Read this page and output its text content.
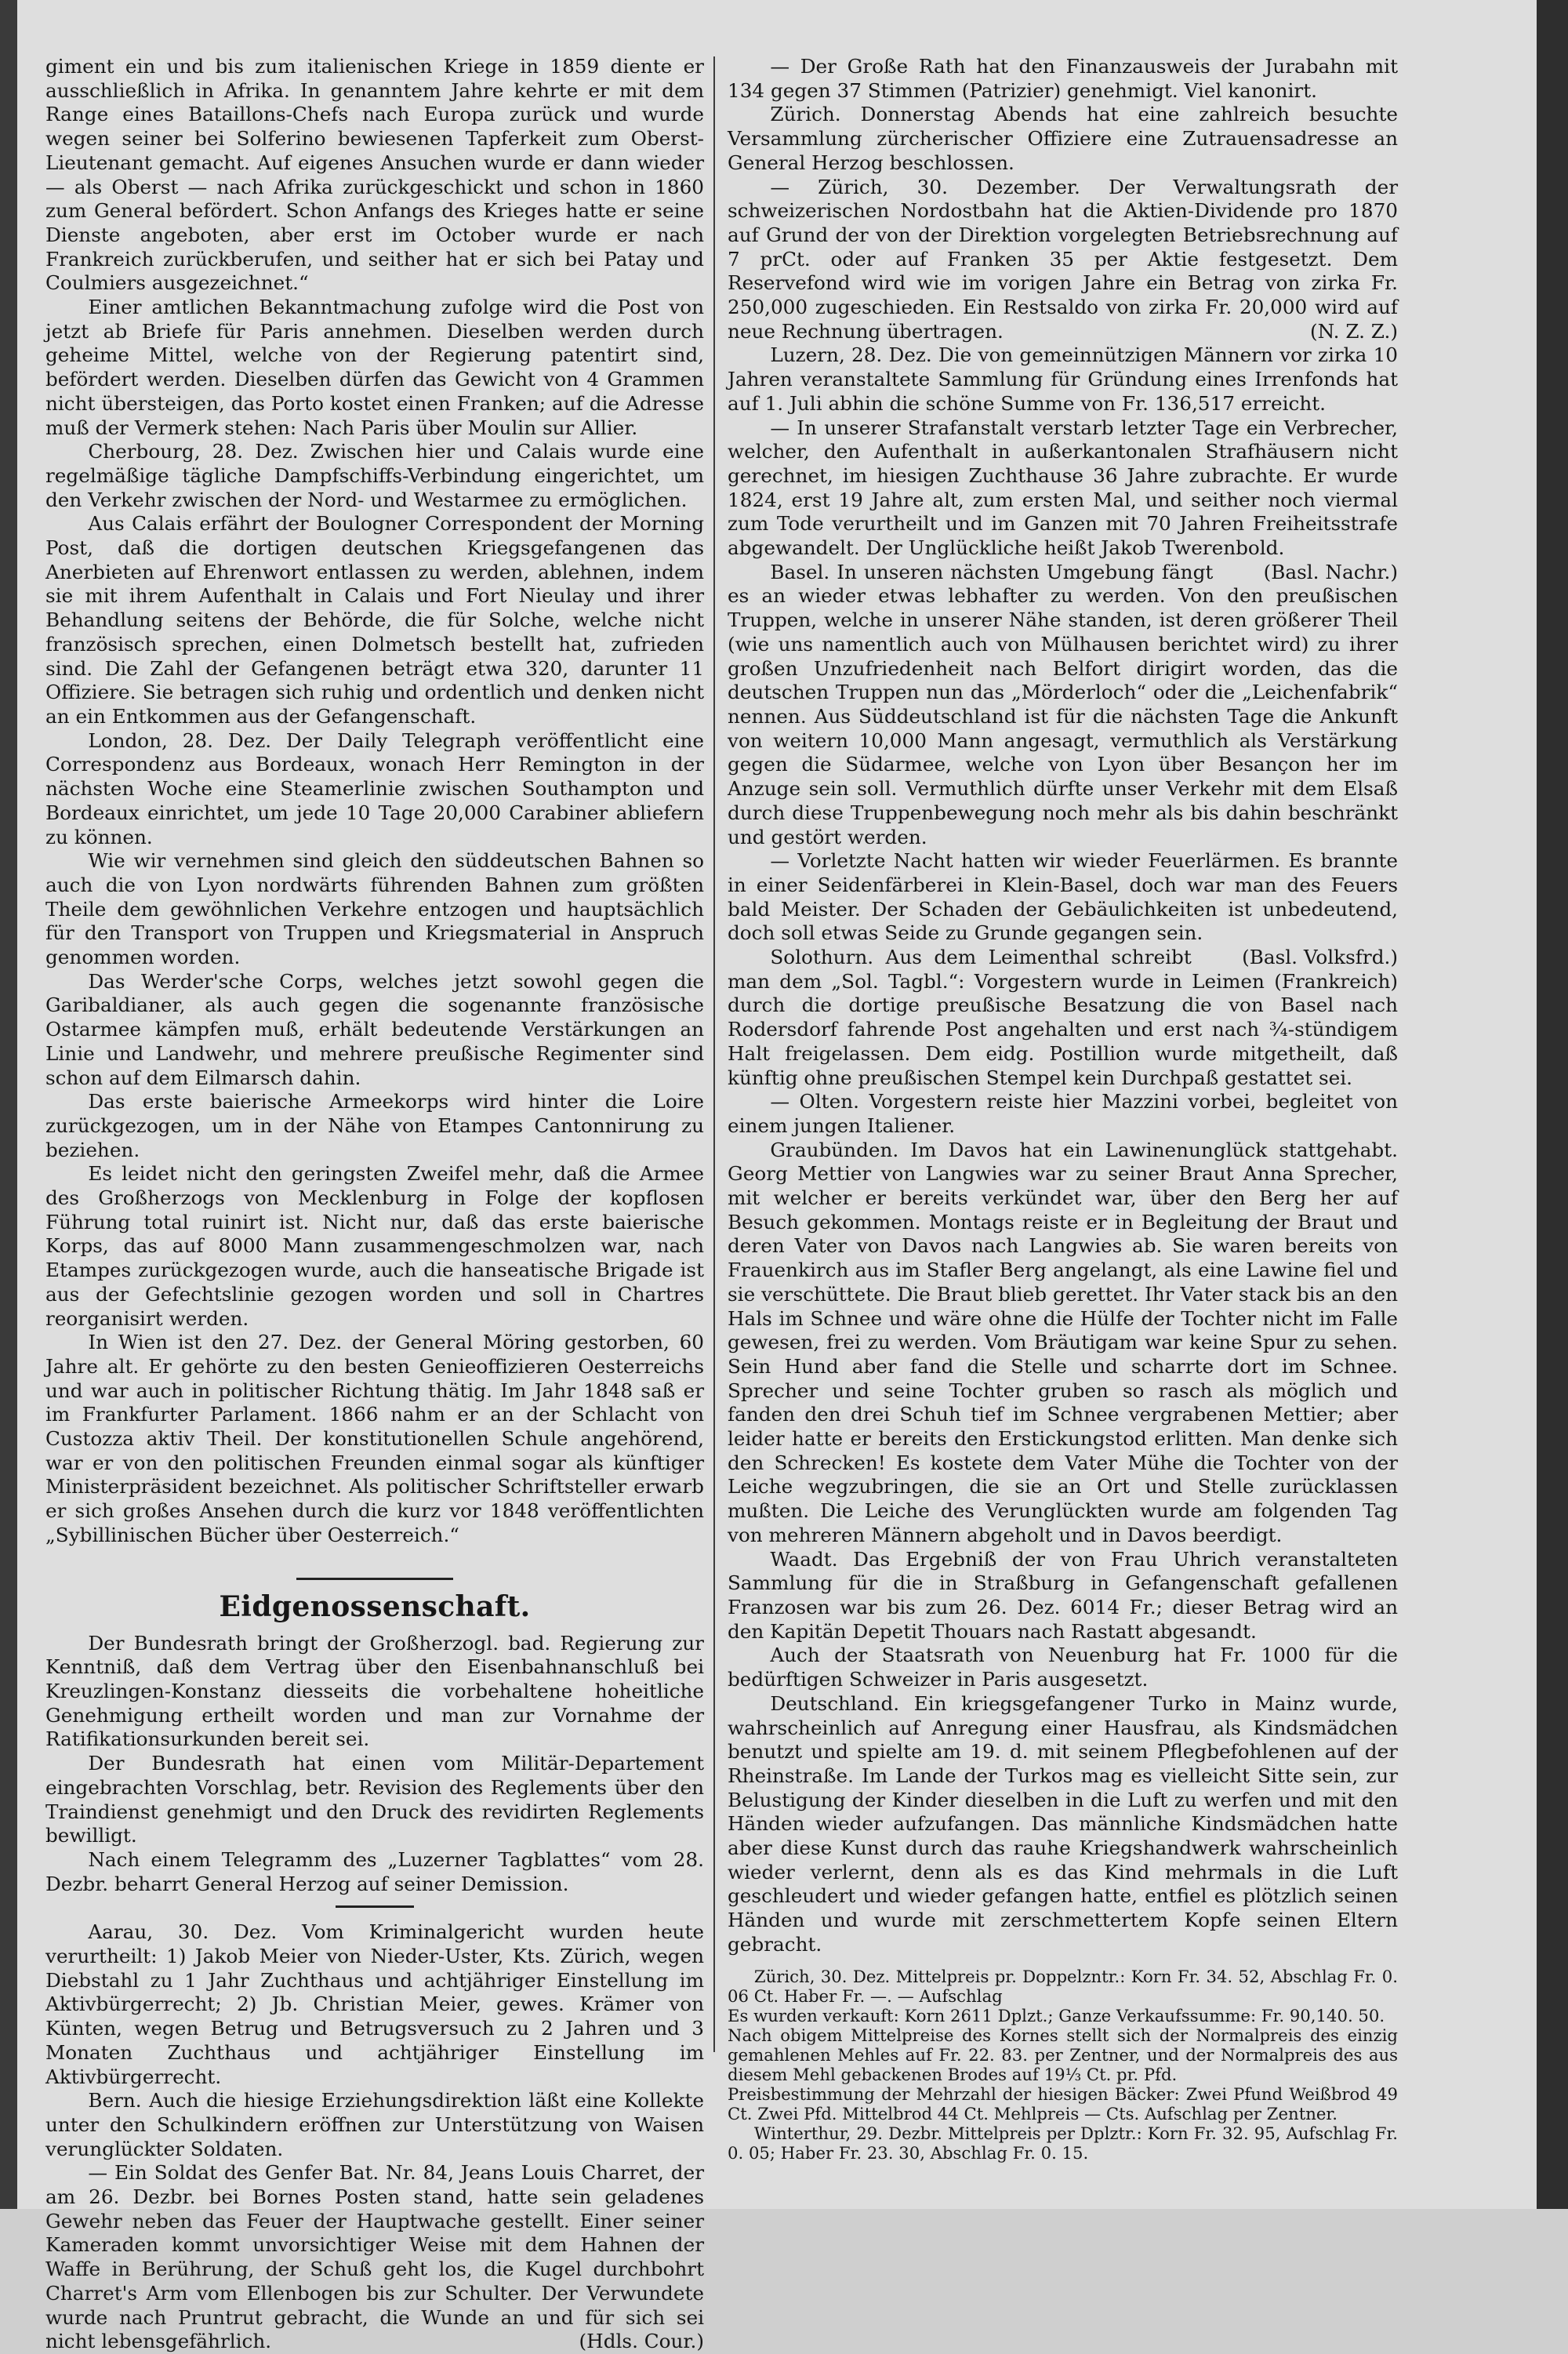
giment ein und bis zum italienischen Kriege in 1859 diente er ausschließlich in Afrika. In genanntem Jahre kehrte er mit dem Range eines Bataillons-Chefs nach Europa zurück und wurde wegen seiner bei Solferino bewiesenen Tapferkeit zum Oberst-Lieutenant gemacht. Auf eigenes Ansuchen wurde er dann wieder — als Oberst — nach Afrika zurückgeschickt und schon in 1860 zum General befördert. Schon Anfangs des Krieges hatte er seine Dienste angeboten, aber erst im October wurde er nach Frankreich zurückberufen, und seither hat er sich bei Patay und Coulmiers ausgezeichnet.“

Einer amtlichen Bekanntmachung zufolge wird die Post von jetzt ab Briefe für Paris annehmen. Dieselben werden durch geheime Mittel, welche von der Regierung patentirt sind, befördert werden. Dieselben dürfen das Gewicht von 4 Grammen nicht übersteigen, das Porto kostet einen Franken; auf die Adresse muß der Vermerk stehen: Nach Paris über Moulin sur Allier.

Cherbourg, 28. Dez. Zwischen hier und Calais wurde eine regelmäßige tägliche Dampfschiffs-Verbindung eingerichtet, um den Verkehr zwischen der Nord- und Westarmee zu ermöglichen.

Aus Calais erfährt der Boulogner Correspondent der Morning Post, daß die dortigen deutschen Kriegsgefangenen das Anerbieten auf Ehrenwort entlassen zu werden, ablehnen, indem sie mit ihrem Aufenthalt in Calais und Fort Nieulay und ihrer Behandlung seitens der Behörde, die für Solche, welche nicht französisch sprechen, einen Dolmetsch bestellt hat, zufrieden sind. Die Zahl der Gefangenen beträgt etwa 320, darunter 11 Offiziere. Sie betragen sich ruhig und ordentlich und denken nicht an ein Entkommen aus der Gefangenschaft.

London, 28. Dez. Der Daily Telegraph veröffentlicht eine Correspondenz aus Bordeaux, wonach Herr Remington in der nächsten Woche eine Steamerlinie zwischen Southampton und Bordeaux einrichtet, um jede 10 Tage 20,000 Carabiner abliefern zu können.

Wie wir vernehmen sind gleich den süddeutschen Bahnen so auch die von Lyon nordwärts führenden Bahnen zum größten Theile dem gewöhnlichen Verkehre entzogen und hauptsächlich für den Transport von Truppen und Kriegsmaterial in Anspruch genommen worden.

Das Werder'sche Corps, welches jetzt sowohl gegen die Garibaldianer, als auch gegen die sogenannte französische Ostarmee kämpfen muß, erhält bedeutende Verstärkungen an Linie und Landwehr, und mehrere preußische Regimenter sind schon auf dem Eilmarsch dahin.

Das erste baierische Armeekorps wird hinter die Loire zurückgezogen, um in der Nähe von Etampes Cantonnirung zu beziehen.

Es leidet nicht den geringsten Zweifel mehr, daß die Armee des Großherzogs von Mecklenburg in Folge der kopflosen Führung total ruinirt ist. Nicht nur, daß das erste baierische Korps, das auf 8000 Mann zusammengeschmolzen war, nach Etampes zurückgezogen wurde, auch die hanseatische Brigade ist aus der Gefechtslinie gezogen worden und soll in Chartres reorganisirt werden.

In Wien ist den 27. Dez. der General Möring gestorben, 60 Jahre alt. Er gehörte zu den besten Genieoffizieren Oesterreichs und war auch in politischer Richtung thätig. Im Jahr 1848 saß er im Frankfurter Parlament. 1866 nahm er an der Schlacht von Custozza aktiv Theil. Der konstitutionellen Schule angehörend, war er von den politischen Freunden einmal sogar als künftiger Ministerpräsident bezeichnet. Als politischer Schriftsteller erwarb er sich großes Ansehen durch die kurz vor 1848 veröffentlichten „Sybillinischen Bücher über Oesterreich.“

Eidgenossenschaft.

Der Bundesrath bringt der Großherzogl. bad. Regierung zur Kenntniß, daß dem Vertrag über den Eisenbahnanschluß bei Kreuzlingen-Konstanz diesseits die vorbehaltene hoheitliche Genehmigung ertheilt worden und man zur Vornahme der Ratifikationsurkunden bereit sei.

Der Bundesrath hat einen vom Militär-Departement eingebrachten Vorschlag, betr. Revision des Reglements über den Traindienst genehmigt und den Druck des revidirten Reglements bewilligt.

Nach einem Telegramm des „Luzerner Tagblattes“ vom 28. Dezbr. beharrt General Herzog auf seiner Demission.

Aarau, 30. Dez. Vom Kriminalgericht wurden heute verurtheilt: 1) Jakob Meier von Nieder-Uster, Kts. Zürich, wegen Diebstahl zu 1 Jahr Zuchthaus und achtjähriger Einstellung im Aktivbürgerrecht; 2) Jb. Christian Meier, gewes. Krämer von Künten, wegen Betrug und Betrugsversuch zu 2 Jahren und 3 Monaten Zuchthaus und achtjähriger Einstellung im Aktivbürgerrecht.

Bern. Auch die hiesige Erziehungsdirektion läßt eine Kollekte unter den Schulkindern eröffnen zur Unterstützung von Waisen verunglückter Soldaten.

— Ein Soldat des Genfer Bat. Nr. 84, Jeans Louis Charret, der am 26. Dezbr. bei Bornes Posten stand, hatte sein geladenes Gewehr neben das Feuer der Hauptwache gestellt. Einer seiner Kameraden kommt unvorsichtiger Weise mit dem Hahnen der Waffe in Berührung, der Schuß geht los, die Kugel durchbohrt Charret's Arm vom Ellenbogen bis zur Schulter. Der Verwundete wurde nach Pruntrut gebracht, die Wunde an und für sich sei nicht lebensgefährlich.	(Hdls. Cour.)

— Der Große Rath hat den Finanzausweis der Jurabahn mit 134 gegen 37 Stimmen (Patrizier) genehmigt. Viel kanonirt.

Zürich. Donnerstag Abends hat eine zahlreich besuchte Versammlung zürcherischer Offiziere eine Zutrauensadresse an General Herzog beschlossen.

— Zürich, 30. Dezember. Der Verwaltungsrath der schweizerischen Nordostbahn hat die Aktien-Dividende pro 1870 auf Grund der von der Direktion vorgelegten Betriebsrechnung auf 7 prCt. oder auf Franken 35 per Aktie festgesetzt. Dem Reservefond wird wie im vorigen Jahre ein Betrag von zirka Fr. 250,000 zugeschieden. Ein Restsaldo von zirka Fr. 20,000 wird auf neue Rechnung übertragen.	(N. Z. Z.)

Luzern, 28. Dez. Die von gemeinnützigen Männern vor zirka 10 Jahren veranstaltete Sammlung für Gründung eines Irrenfonds hat auf 1. Juli abhin die schöne Summe von Fr. 136,517 erreicht.

— In unserer Strafanstalt verstarb letzter Tage ein Verbrecher, welcher, den Aufenthalt in außerkantonalen Strafhäusern nicht gerechnet, im hiesigen Zuchthause 36 Jahre zubrachte. Er wurde 1824, erst 19 Jahre alt, zum ersten Mal, und seither noch viermal zum Tode verurtheilt und im Ganzen mit 70 Jahren Freiheitsstrafe abgewandelt. Der Unglückliche heißt Jakob Twerenbold.
(Basl. Nachr.)

Basel. In unseren nächsten Umgebung fängt es an wieder etwas lebhafter zu werden. Von den preußischen Truppen, welche in unserer Nähe standen, ist deren größerer Theil (wie uns namentlich auch von Mülhausen berichtet wird) zu ihrer großen Unzufriedenheit nach Belfort dirigirt worden, das die deutschen Truppen nun das „Mörderloch“ oder die „Leichenfabrik“ nennen. Aus Süddeutschland ist für die nächsten Tage die Ankunft von weitern 10,000 Mann angesagt, vermuthlich als Verstärkung gegen die Südarmee, welche von Lyon über Besançon her im Anzuge sein soll. Vermuthlich dürfte unser Verkehr mit dem Elsaß durch diese Truppenbewegung noch mehr als bis dahin beschränkt und gestört werden.

— Vorletzte Nacht hatten wir wieder Feuerlärmen. Es brannte in einer Seidenfärberei in Klein-Basel, doch war man des Feuers bald Meister. Der Schaden der Gebäulichkeiten ist unbedeutend, doch soll etwas Seide zu Grunde gegangen sein.
(Basl. Volksfrd.)

Solothurn. Aus dem Leimenthal schreibt man dem „Sol. Tagbl.“: Vorgestern wurde in Leimen (Frankreich) durch die dortige preußische Besatzung die von Basel nach Rodersdorf fahrende Post angehalten und erst nach ¾-stündigem Halt freigelassen. Dem eidg. Postillion wurde mitgetheilt, daß künftig ohne preußischen Stempel kein Durchpaß gestattet sei.

— Olten. Vorgestern reiste hier Mazzini vorbei, begleitet von einem jungen Italiener.

Graubünden. Im Davos hat ein Lawinenunglück stattgehabt. Georg Mettier von Langwies war zu seiner Braut Anna Sprecher, mit welcher er bereits verkündet war, über den Berg her auf Besuch gekommen. Montags reiste er in Begleitung der Braut und deren Vater von Davos nach Langwies ab. Sie waren bereits von Frauenkirch aus im Stafler Berg angelangt, als eine Lawine fiel und sie verschüttete. Die Braut blieb gerettet. Ihr Vater stack bis an den Hals im Schnee und wäre ohne die Hülfe der Tochter nicht im Falle gewesen, frei zu werden. Vom Bräutigam war keine Spur zu sehen. Sein Hund aber fand die Stelle und scharrte dort im Schnee. Sprecher und seine Tochter gruben so rasch als möglich und fanden den drei Schuh tief im Schnee vergrabenen Mettier; aber leider hatte er bereits den Erstickungstod erlitten. Man denke sich den Schrecken! Es kostete dem Vater Mühe die Tochter von der Leiche wegzubringen, die sie an Ort und Stelle zurücklassen mußten. Die Leiche des Verunglückten wurde am folgenden Tag von mehreren Männern abgeholt und in Davos beerdigt.

Waadt. Das Ergebniß der von Frau Uhrich veranstalteten Sammlung für die in Straßburg in Gefangenschaft gefallenen Franzosen war bis zum 26. Dez. 6014 Fr.; dieser Betrag wird an den Kapitän Depetit Thouars nach Rastatt abgesandt.

Auch der Staatsrath von Neuenburg hat Fr. 1000 für die bedürftigen Schweizer in Paris ausgesetzt.

Deutschland. Ein kriegsgefangener Turko in Mainz wurde, wahrscheinlich auf Anregung einer Hausfrau, als Kindsmädchen benutzt und spielte am 19. d. mit seinem Pflegbefohlenen auf der Rheinstraße. Im Lande der Turkos mag es vielleicht Sitte sein, zur Belustigung der Kinder dieselben in die Luft zu werfen und mit den Händen wieder aufzufangen. Das männliche Kindsmädchen hatte aber diese Kunst durch das rauhe Kriegshandwerk wahrscheinlich wieder verlernt, denn als es das Kind mehrmals in die Luft geschleudert und wieder gefangen hatte, entfiel es plötzlich seinen Händen und wurde mit zerschmettertem Kopfe seinen Eltern gebracht.

Zürich, 30. Dez. Mittelpreis pr. Doppelzntr.: Korn Fr. 34. 52, Abschlag Fr. 0. 06 Ct. Haber Fr. —. — Aufschlag

Es wurden verkauft: Korn 2611 Dplzt.; Ganze Verkaufssumme: Fr. 90,140. 50.

Nach obigem Mittelpreise des Kornes stellt sich der Normalpreis des einzig gemahlenen Mehles auf Fr. 22. 83. per Zentner, und der Normalpreis des aus diesem Mehl gebackenen Brodes auf 19⅓ Ct. pr. Pfd.

Preisbestimmung der Mehrzahl der hiesigen Bäcker: Zwei Pfund Weißbrod 49 Ct. Zwei Pfd. Mittelbrod 44 Ct. Mehlpreis — Cts. Aufschlag per Zentner.

Winterthur, 29. Dezbr. Mittelpreis per Dplztr.: Korn Fr. 32. 95, Aufschlag Fr. 0. 05; Haber Fr. 23. 30, Abschlag Fr. 0. 15.
